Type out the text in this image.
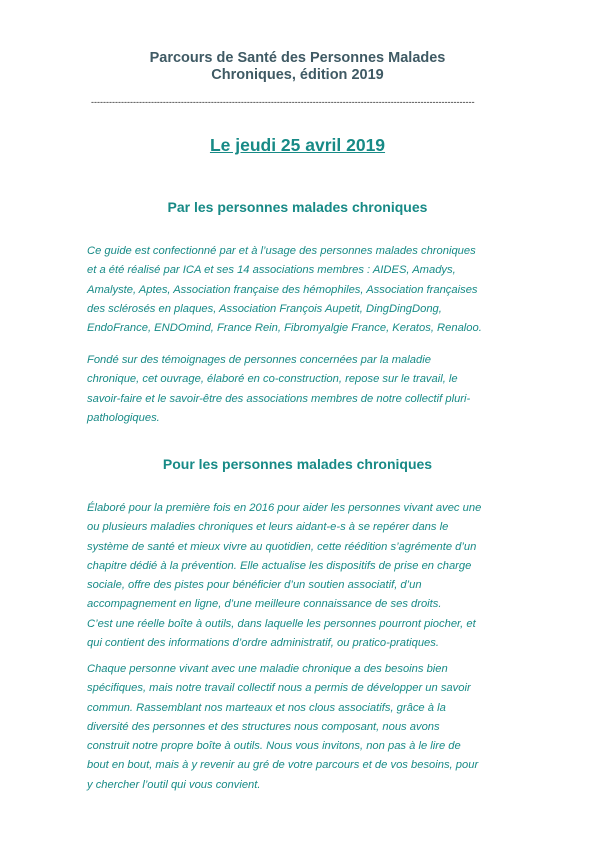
Parcours de Santé des Personnes Malades
Chroniques, édition 2019
--------------------------------------------------------------------------------------------------------------------------------
Le jeudi 25 avril 2019
Par les personnes malades chroniques

Ce guide est confectionné par et à l’usage des personnes malades chroniques
et a été réalisé par ICA et ses 14 associations membres : AIDES, Amadys,
Amalyste, Aptes, Association française des hémophiles, Association françaises
des sclérosés en plaques, Association François Aupetit, DingDingDong,
EndoFrance, ENDOmind, France Rein, Fibromyalgie France, Keratos, Renaloo.

Fondé sur des témoignages de personnes concernées par la maladie
chronique, cet ouvrage, élaboré en co-construction, repose sur le travail, le
savoir-faire et le savoir-être des associations membres de notre collectif pluri-
pathologiques.

Pour les personnes malades chroniques

Élaboré pour la première fois en 2016 pour aider les personnes vivant avec une
ou plusieurs maladies chroniques et leurs aidant-e-s à se repérer dans le
système de santé et mieux vivre au quotidien, cette réédition s’agrémente d’un
chapitre dédié à la prévention. Elle actualise les dispositifs de prise en charge
sociale, offre des pistes pour bénéficier d’un soutien associatif, d’un
accompagnement en ligne, d’une meilleure connaissance de ses droits.
C’est une réelle boîte à outils, dans laquelle les personnes pourront piocher, et
qui contient des informations d’ordre administratif, ou pratico-pratiques.

Chaque personne vivant avec une maladie chronique a des besoins bien
spécifiques, mais notre travail collectif nous a permis de développer un savoir
commun. Rassemblant nos marteaux et nos clous associatifs, grâce à la
diversité des personnes et des structures nous composant, nous avons
construit notre propre boîte à outils. Nous vous invitons, non pas à le lire de
bout en bout, mais à y revenir au gré de votre parcours et de vos besoins, pour
y chercher l’outil qui vous convient.
